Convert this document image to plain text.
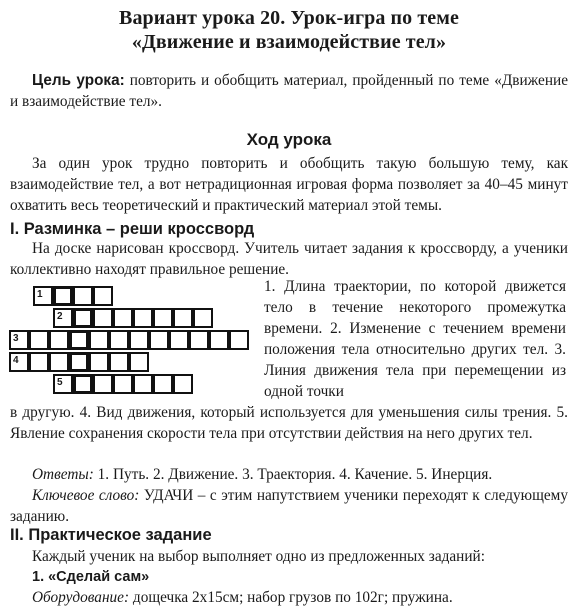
Вариант урока 20. Урок-игра по теме
«Движение и взаимодействие тел»
Цель урока: повторить и обобщить материал, пройденный по теме «Движение и взаимодействие тел».
Ход урока
За один урок трудно повторить и обобщить такую большую тему, как взаимодействие тел, а вот нетрадиционная игровая форма позволяет за 40–45 минут охватить весь теоретический и практический материал этой темы.
I. Разминка – реши кроссворд
На доске нарисован кроссворд. Учитель читает задания к кроссворду, а ученики коллективно находят правильное решение.
1
2
3
4
5
1. Длина траектории, по которой движется тело в течение некоторого промежутка времени. 2. Изменение с течением времени положения тела относительно других тел. 3. Линия движения тела при перемещении из одной точки
в другую. 4. Вид движения, который используется для уменьшения силы трения. 5. Явление сохранения скорости тела при отсутствии действия на него других тел.
Ответы: 1. Путь. 2. Движение. 3. Траектория. 4. Качение. 5. Инерция.
Ключевое слово: УДАЧИ – с этим напутствием ученики переходят к следующему заданию.
II. Практическое задание
Каждый ученик на выбор выполняет одно из предложенных заданий:
1. «Сделай сам»
Оборудование: дощечка 2х15см; набор грузов по 102г; пружина.
